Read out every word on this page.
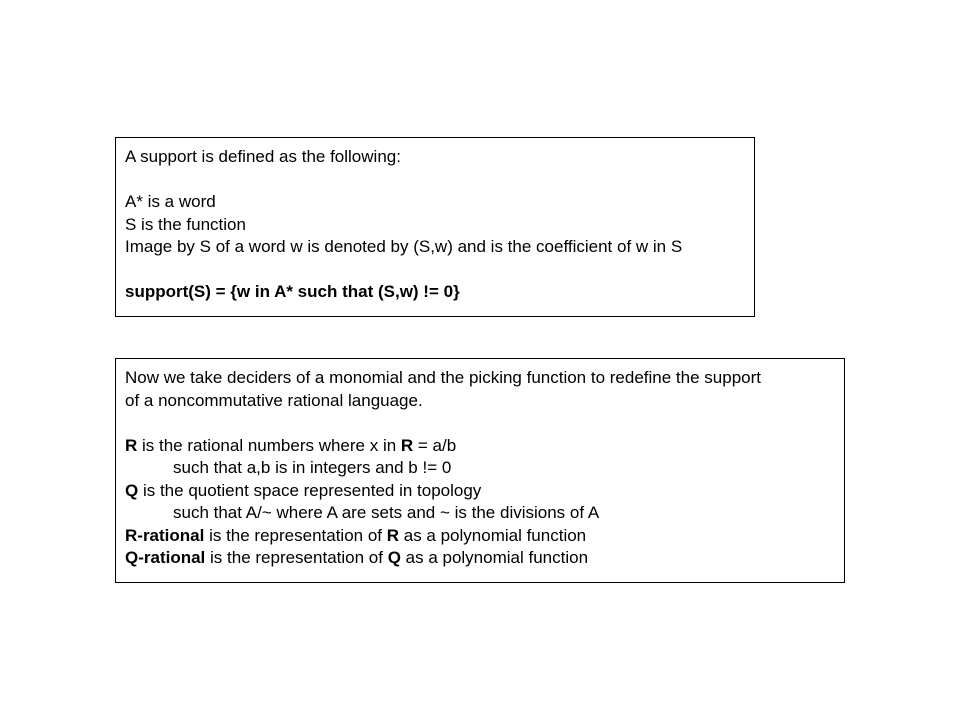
A support is defined as the following:
A* is a word
S is the function
Image by S of a word w is denoted by (S,w) and is the coefficient of w in S
support(S) = {w in A* such that (S,w) != 0}
Now we take deciders of a monomial and the picking function to redefine the support
of a noncommutative rational language.
R is the rational numbers where x in R = a/b
such that a,b is in integers and b != 0
Q is the quotient space represented in topology
such that A/~ where A are sets and ~ is the divisions of A
R-rational is the representation of R as a polynomial function
Q-rational is the representation of Q as a polynomial function
